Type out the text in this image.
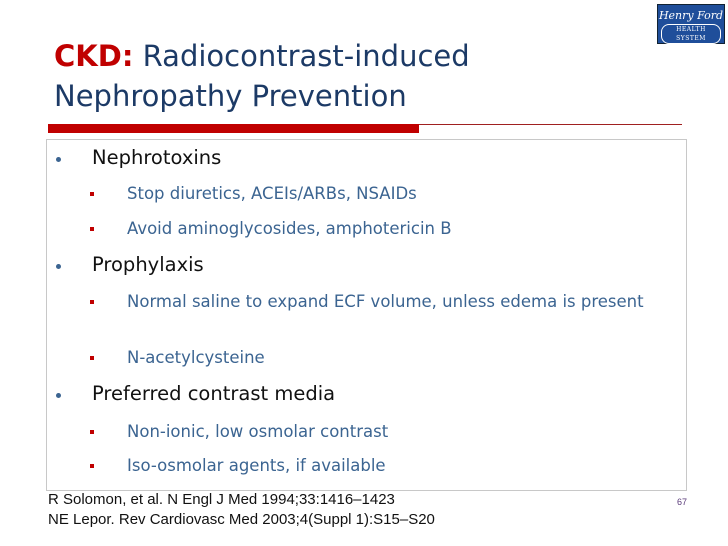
Henry Ford
HEALTH SYSTEM
CKD: Radiocontrast-induced
Nephropathy Prevention
Nephrotoxins
Stop diuretics, ACEIs/ARBs, NSAIDs
Avoid aminoglycosides, amphotericin B
Prophylaxis
Normal saline to expand ECF volume, unless edema is present
N-acetylcysteine
Preferred contrast media
Non-ionic, low osmolar contrast
Iso-osmolar agents, if available
R Solomon, et al. N Engl J Med 1994;33:1416–1423
NE Lepor. Rev Cardiovasc Med 2003;4(Suppl 1):S15–S20
67
